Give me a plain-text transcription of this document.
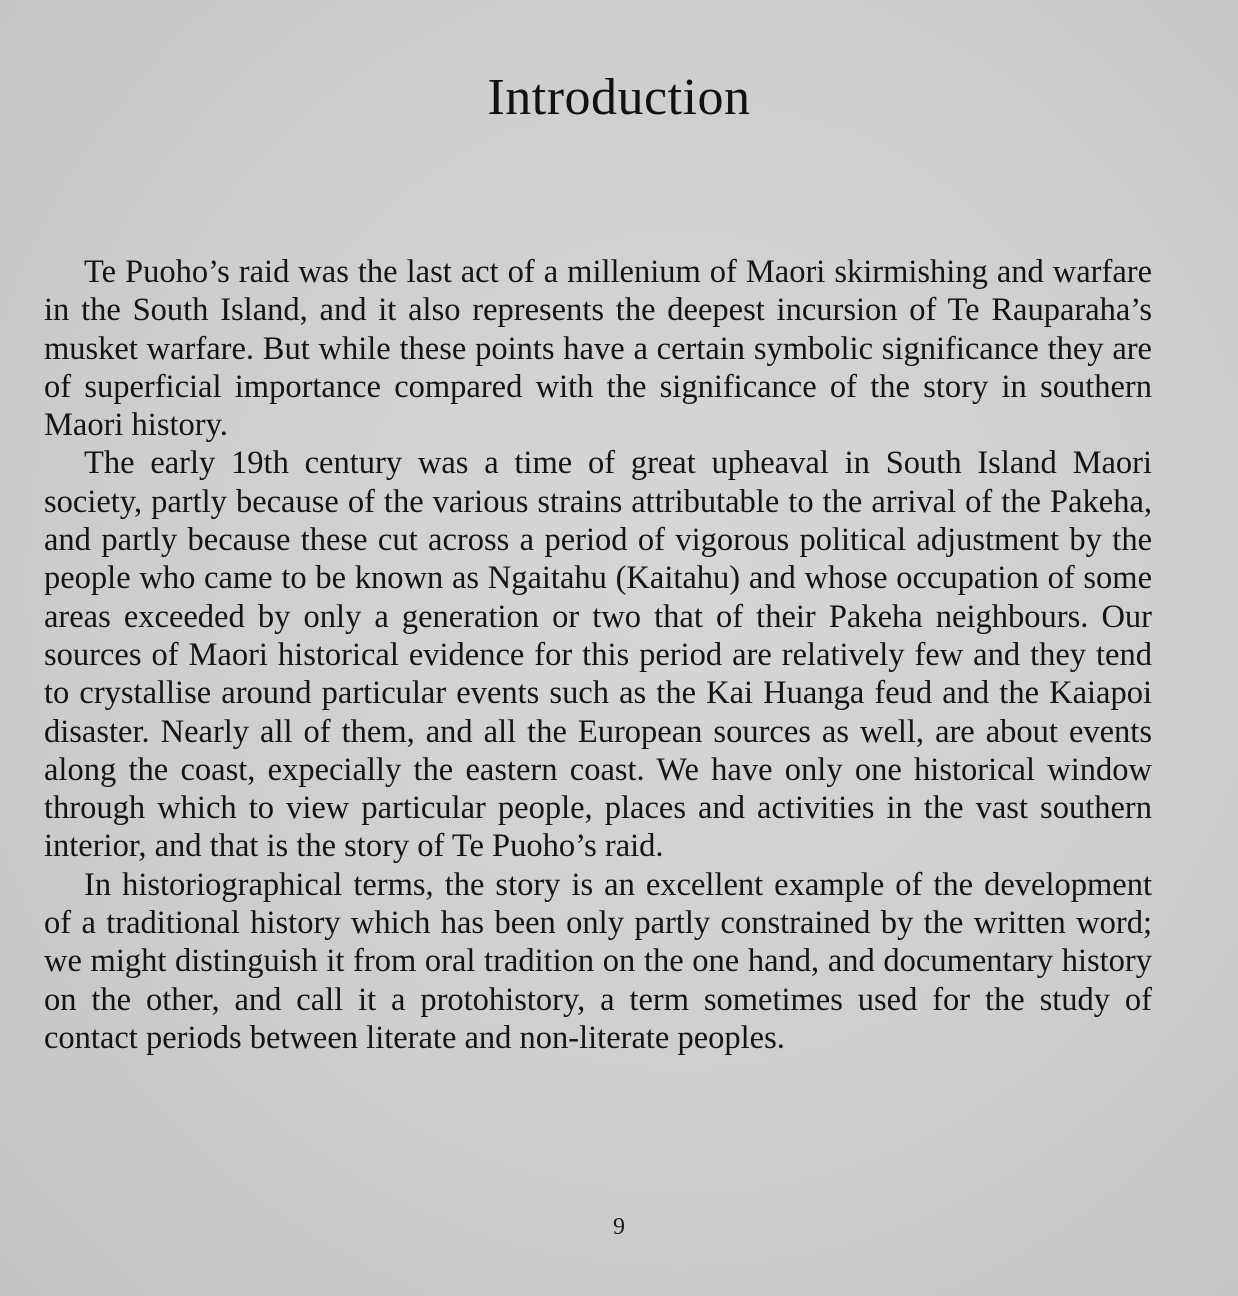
Introduction

Te Puoho’s raid was the last act of a millenium of Maori skirmishing and warfare in the South Island, and it also represents the deepest incursion of Te Rauparaha’s musket warfare. But while these points have a certain symbolic significance they are of superficial importance compared with the significance of the story in southern Maori history.

The early 19th century was a time of great upheaval in South Island Maori society, partly because of the various strains attributable to the arrival of the Pakeha, and partly because these cut across a period of vigorous political adjustment by the people who came to be known as Ngaitahu (Kaitahu) and whose occupation of some areas exceeded by only a generation or two that of their Pakeha neighbours. Our sources of Maori historical evidence for this period are relatively few and they tend to crystallise around particular events such as the Kai Huanga feud and the Kaiapoi disaster. Nearly all of them, and all the European sources as well, are about events along the coast, expecially the eastern coast. We have only one historical window through which to view particular people, places and activities in the vast southern interior, and that is the story of Te Puoho’s raid.

In historiographical terms, the story is an excellent example of the development of a traditional history which has been only partly constrained by the written word; we might distinguish it from oral tradition on the one hand, and documentary history on the other, and call it a protohistory, a term sometimes used for the study of contact periods between literate and non-literate peoples.

9
